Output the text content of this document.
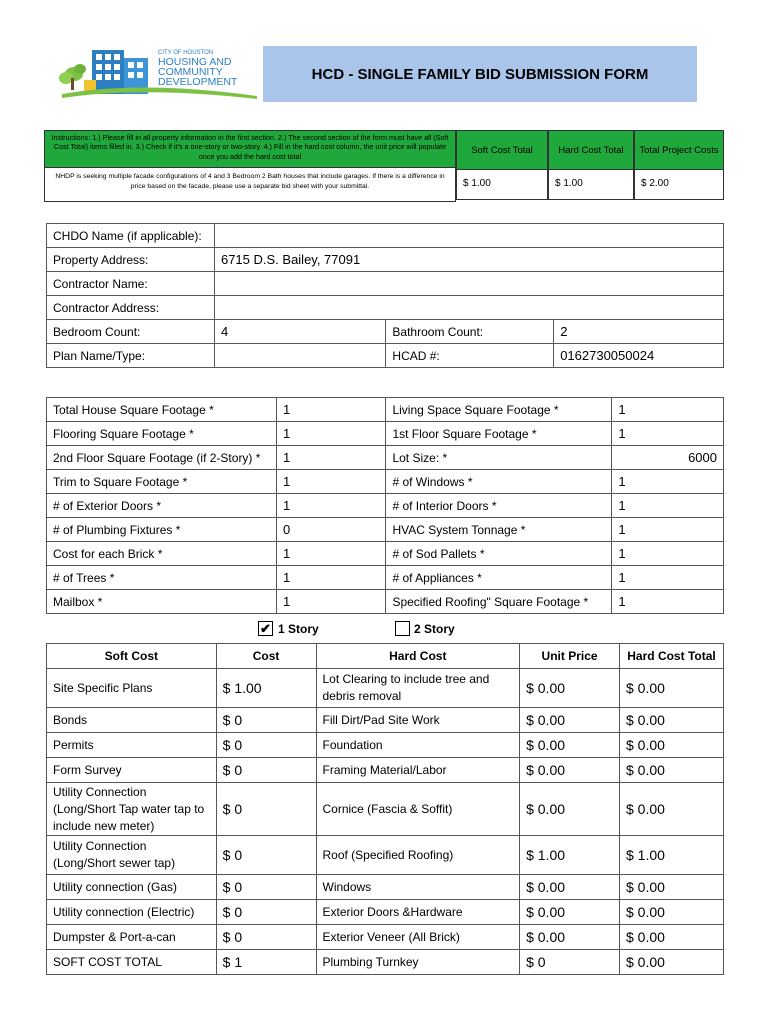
CITY OF HOUSTON
HOUSING AND
COMMUNITY
DEVELOPMENT	HCD - SINGLE FAMILY BID SUBMISSION FORM
Instructions: 1.) Please fill in all property information in the first section. 2.) The second section of the form must have all (Soft Cost Total) items filled in. 3.) Check if it's a one-story or two-story. 4.) Fill in the hard cost column, the unit price will populate once you add the hard cost total
NHDP is seeking multiple facade configurations of 4 and 3 Bedroom 2 Bath houses that include garages. If there is a difference in price based on the facade, please use a separate bid sheet with your submittal.
Soft Cost Total	Hard Cost Total	Total Project Costs
$ 1.00	$ 1.00	$ 2.00
CHDO Name (if applicable):			
Property Address:	6715 D.S. Bailey, 77091		
Contractor Name:			
Contractor Address:			
Bedroom Count:	4	Bathroom Count:	2
Plan Name/Type:		HCAD #:	0162730050024
Total House Square Footage *	1	Living Space Square Footage *	1
Flooring Square Footage *	1	1st Floor Square Footage *	1
2nd Floor Square Footage (if 2-Story) *	1	Lot Size: *	6000
Trim to Square Footage *	1	# of Windows *	1
# of Exterior Doors *	1	# of Interior Doors *	1
# of Plumbing Fixtures *	0	HVAC System Tonnage *	1
Cost for each Brick *	1	# of Sod Pallets *	1
# of Trees *	1	# of Appliances *	1
Mailbox *	1	Specified Roofing" Square Footage *	1
✔ 1 Story	2 Story
Soft Cost	Cost	Hard Cost	Unit Price	Hard Cost Total
Site Specific Plans	$ 1.00	Lot Clearing to include tree and debris removal	$ 0.00	$ 0.00
Bonds	$ 0	Fill Dirt/Pad Site Work	$ 0.00	$ 0.00
Permits	$ 0	Foundation	$ 0.00	$ 0.00
Form Survey	$ 0	Framing Material/Labor	$ 0.00	$ 0.00
Utility Connection (Long/Short Tap water tap to include new meter)	$ 0	Cornice (Fascia & Soffit)	$ 0.00	$ 0.00
Utility Connection (Long/Short sewer tap)	$ 0	Roof (Specified Roofing)	$ 1.00	$ 1.00
Utility connection (Gas)	$ 0	Windows	$ 0.00	$ 0.00
Utility connection (Electric)	$ 0	Exterior Doors &Hardware	$ 0.00	$ 0.00
Dumpster & Port-a-can	$ 0	Exterior Veneer (All Brick)	$ 0.00	$ 0.00
SOFT COST TOTAL	$ 1	Plumbing Turnkey	$ 0	$ 0.00
